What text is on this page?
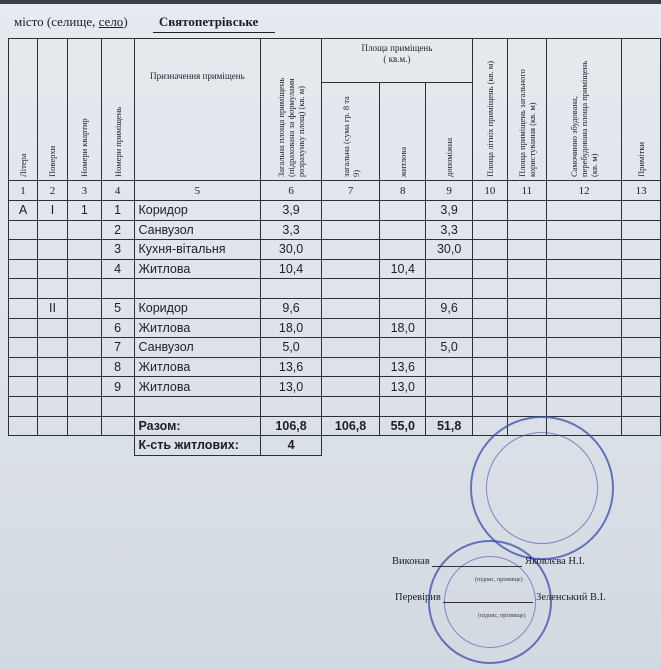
місто (селище, село) Святопетрівське
Літера	Поверхи	Номери квартир	Номери приміщень	Призначення приміщень	Загальна площа приміщень (підрахована за формулами розрахунку площ) (кв. м)	Площа приміщень
( кв.м.)			Площа літніх приміщень (кв. м)	Площа приміщень загального користування (кв. м)	Самочинно збудована, перебудована площа приміщень (кв. м)	Примітки

						загальна (сума гр. 8 та 9)	житлова	допоміжна				

1	2	3	4	5	6	7	8	9	10	11	12	13
А	I	1	1	Коридор	3,9			3,9				
			2	Санвузол	3,3			3,3				
			3	Кухня-вітальня	30,0			30,0				
			4	Житлова	10,4		10,4					

	II		5	Коридор	9,6			9,6				
			6	Житлова	18,0		18,0					
			7	Санвузол	5,0			5,0				
			8	Житлова	13,6		13,6					
			9	Житлова	13,0		13,0					

				Разом:	106,8	106,8	55,0	51,8				
				К-сть житлових:	4							
Виконав	Яковлєва Н.І.
(підпис, прізвище)
Перевірив	Зеленський В.І.
(підпис, прізвище)
